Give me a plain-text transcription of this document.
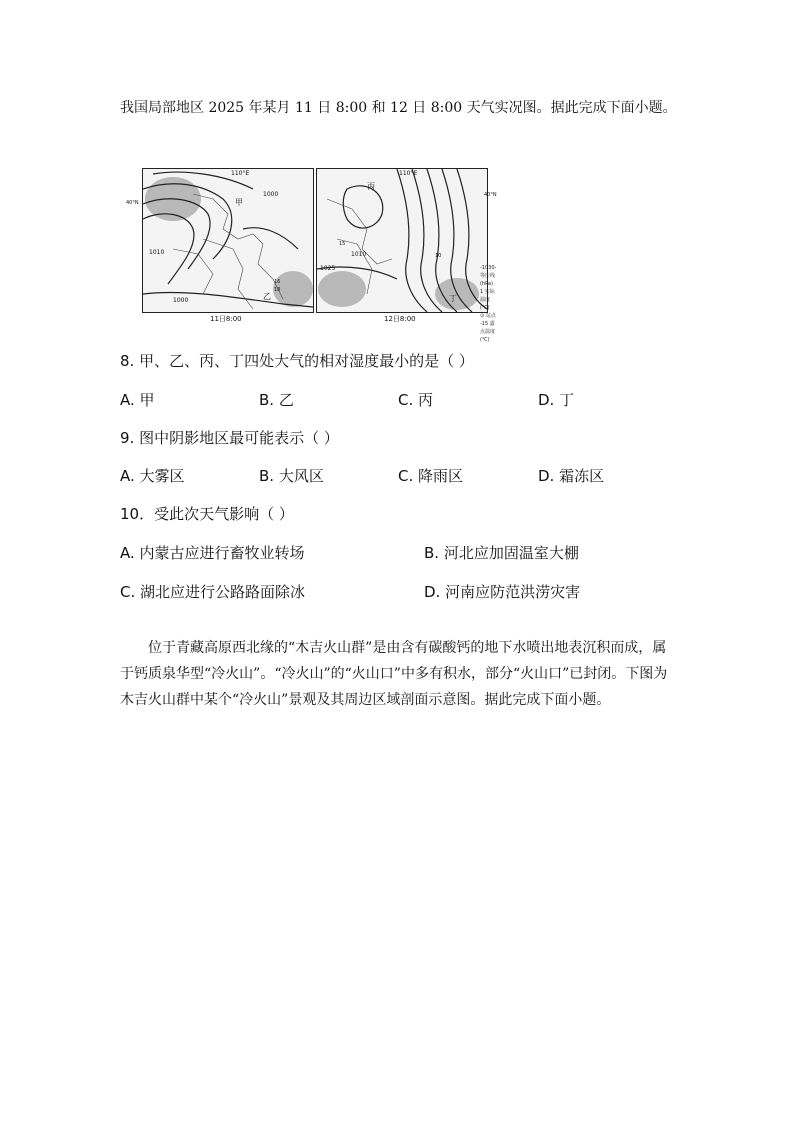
我国局部地区 2025 年某月 11 日 8:00 和 12 日 8:00 天气实况图。据此完成下面小题。
110°E
1000
1010
1000
甲
乙
16
18
11日8:00
40°N
110°E
1010
1025
丙
丁
15
10
12日8:00
40°N
-1030- 等压线(hPa)
1 实际温度(℃)
⊙ 站点
-15 露点温度(℃)
8. 甲、乙、丙、丁四处大气的相对湿度最小的是（ ）
A. 甲	B. 乙	C. 丙	D. 丁
9. 图中阴影地区最可能表示（ ）
A. 大雾区	B. 大风区	C. 降雨区	D. 霜冻区
10．受此次天气影响（ ）
A. 内蒙古应进行畜牧业转场	B. 河北应加固温室大棚
C. 湖北应进行公路路面除冰	D. 河南应防范洪涝灾害
位于青藏高原西北缘的“木吉火山群”是由含有碳酸钙的地下水喷出地表沉积而成，属于钙质泉华型“冷火山”。“冷火山”的“火山口”中多有积水，部分“火山口”已封闭。下图为木吉火山群中某个“冷火山”景观及其周边区域剖面示意图。据此完成下面小题。
